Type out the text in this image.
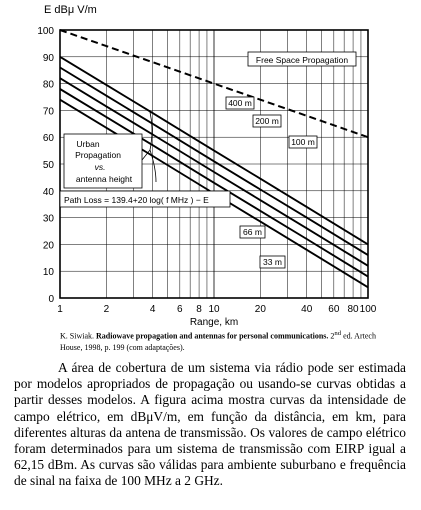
0
10
20
30
40
50
60
70
80
90
100
1	2	4 6 8 10	20	40 60 80 100
E dBμ V/m
Range, km
Free Space Propagation
400 m
200 m
100 m
66 m
33 m
Urban
Propagation
vs.
antenna height
Path Loss = 139.4+20 log( f MHz ) − E
K. Siwiak. Radiowave propagation and antennas for personal communications. 2nd ed. Artech House, 1998, p. 199 (com adaptações).

A área de cobertura de um sistema via rádio pode ser estimada por modelos apropriados de propagação ou usando-se curvas obtidas a partir desses modelos. A figura acima mostra curvas da intensidade de campo elétrico, em dBμV/m, em função da distância, em km, para diferentes alturas da antena de transmissão. Os valores de campo elétrico foram determinados para um sistema de transmissão com EIRP igual a 62,15 dBm. As curvas são válidas para ambiente suburbano e frequência de sinal na faixa de 100 MHz a 2 GHz.
